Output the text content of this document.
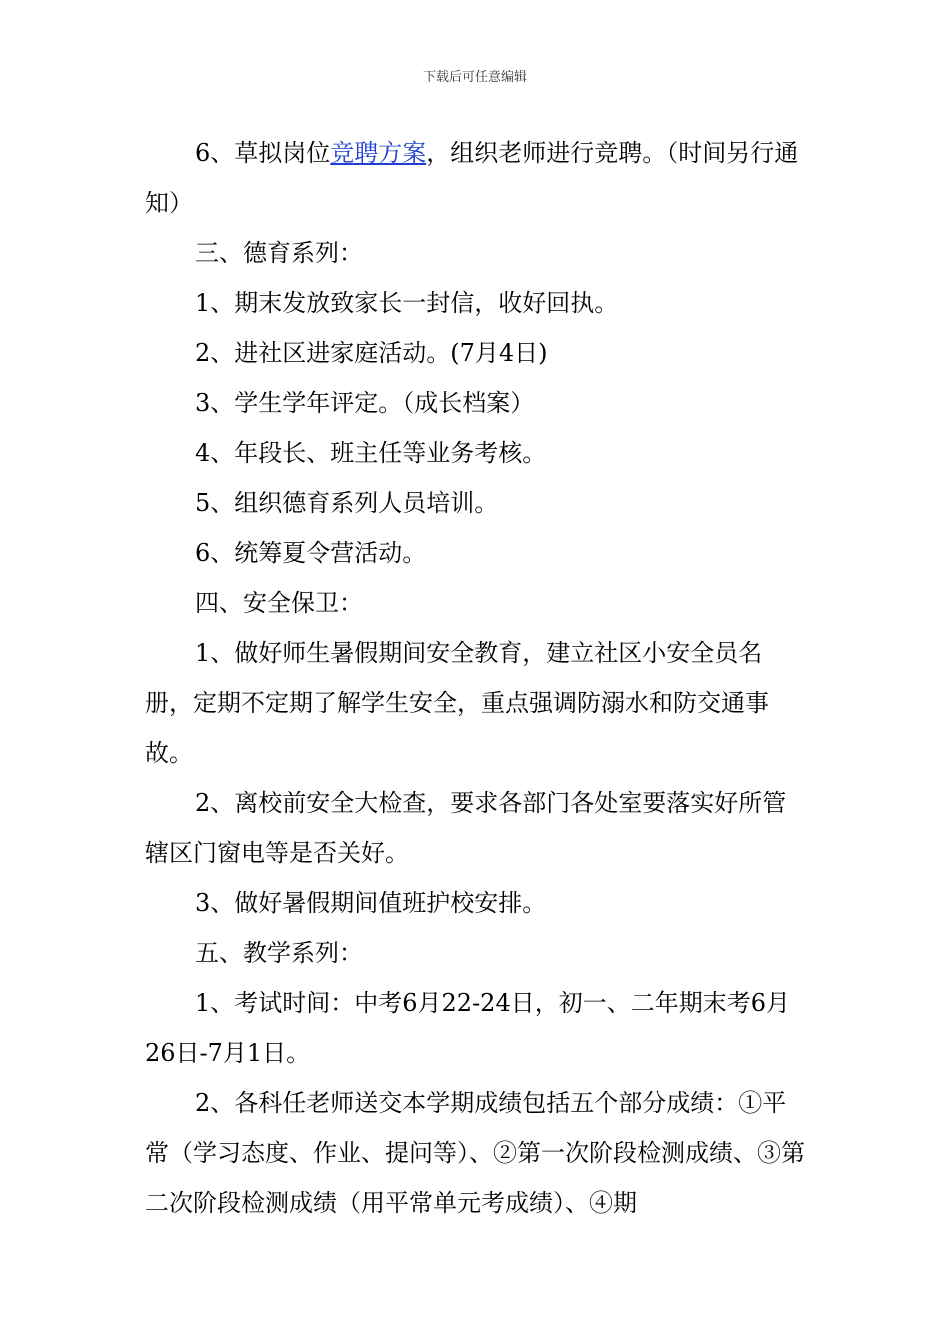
下载后可任意编辑

6、草拟岗位竞聘方案，组织老师进行竞聘。（时间另行通知）

三、德育系列：

1、期末发放致家长一封信，收好回执。

2、进社区进家庭活动。(7月4日)

3、学生学年评定。（成长档案）

4、年段长、班主任等业务考核。

5、组织德育系列人员培训。

6、统筹夏令营活动。

四、安全保卫：

1、做好师生暑假期间安全教育，建立社区小安全员名册，定期不定期了解学生安全，重点强调防溺水和防交通事故。

2、离校前安全大检查，要求各部门各处室要落实好所管辖区门窗电等是否关好。

3、做好暑假期间值班护校安排。

五、教学系列：

1、考试时间：中考6月22-24日，初一、二年期末考6月26日-7月1日。

2、各科任老师送交本学期成绩包括五个部分成绩：①平常（学习态度、作业、提问等）、②第一次阶段检测成绩、③第二次阶段检测成绩（用平常单元考成绩）、④期
